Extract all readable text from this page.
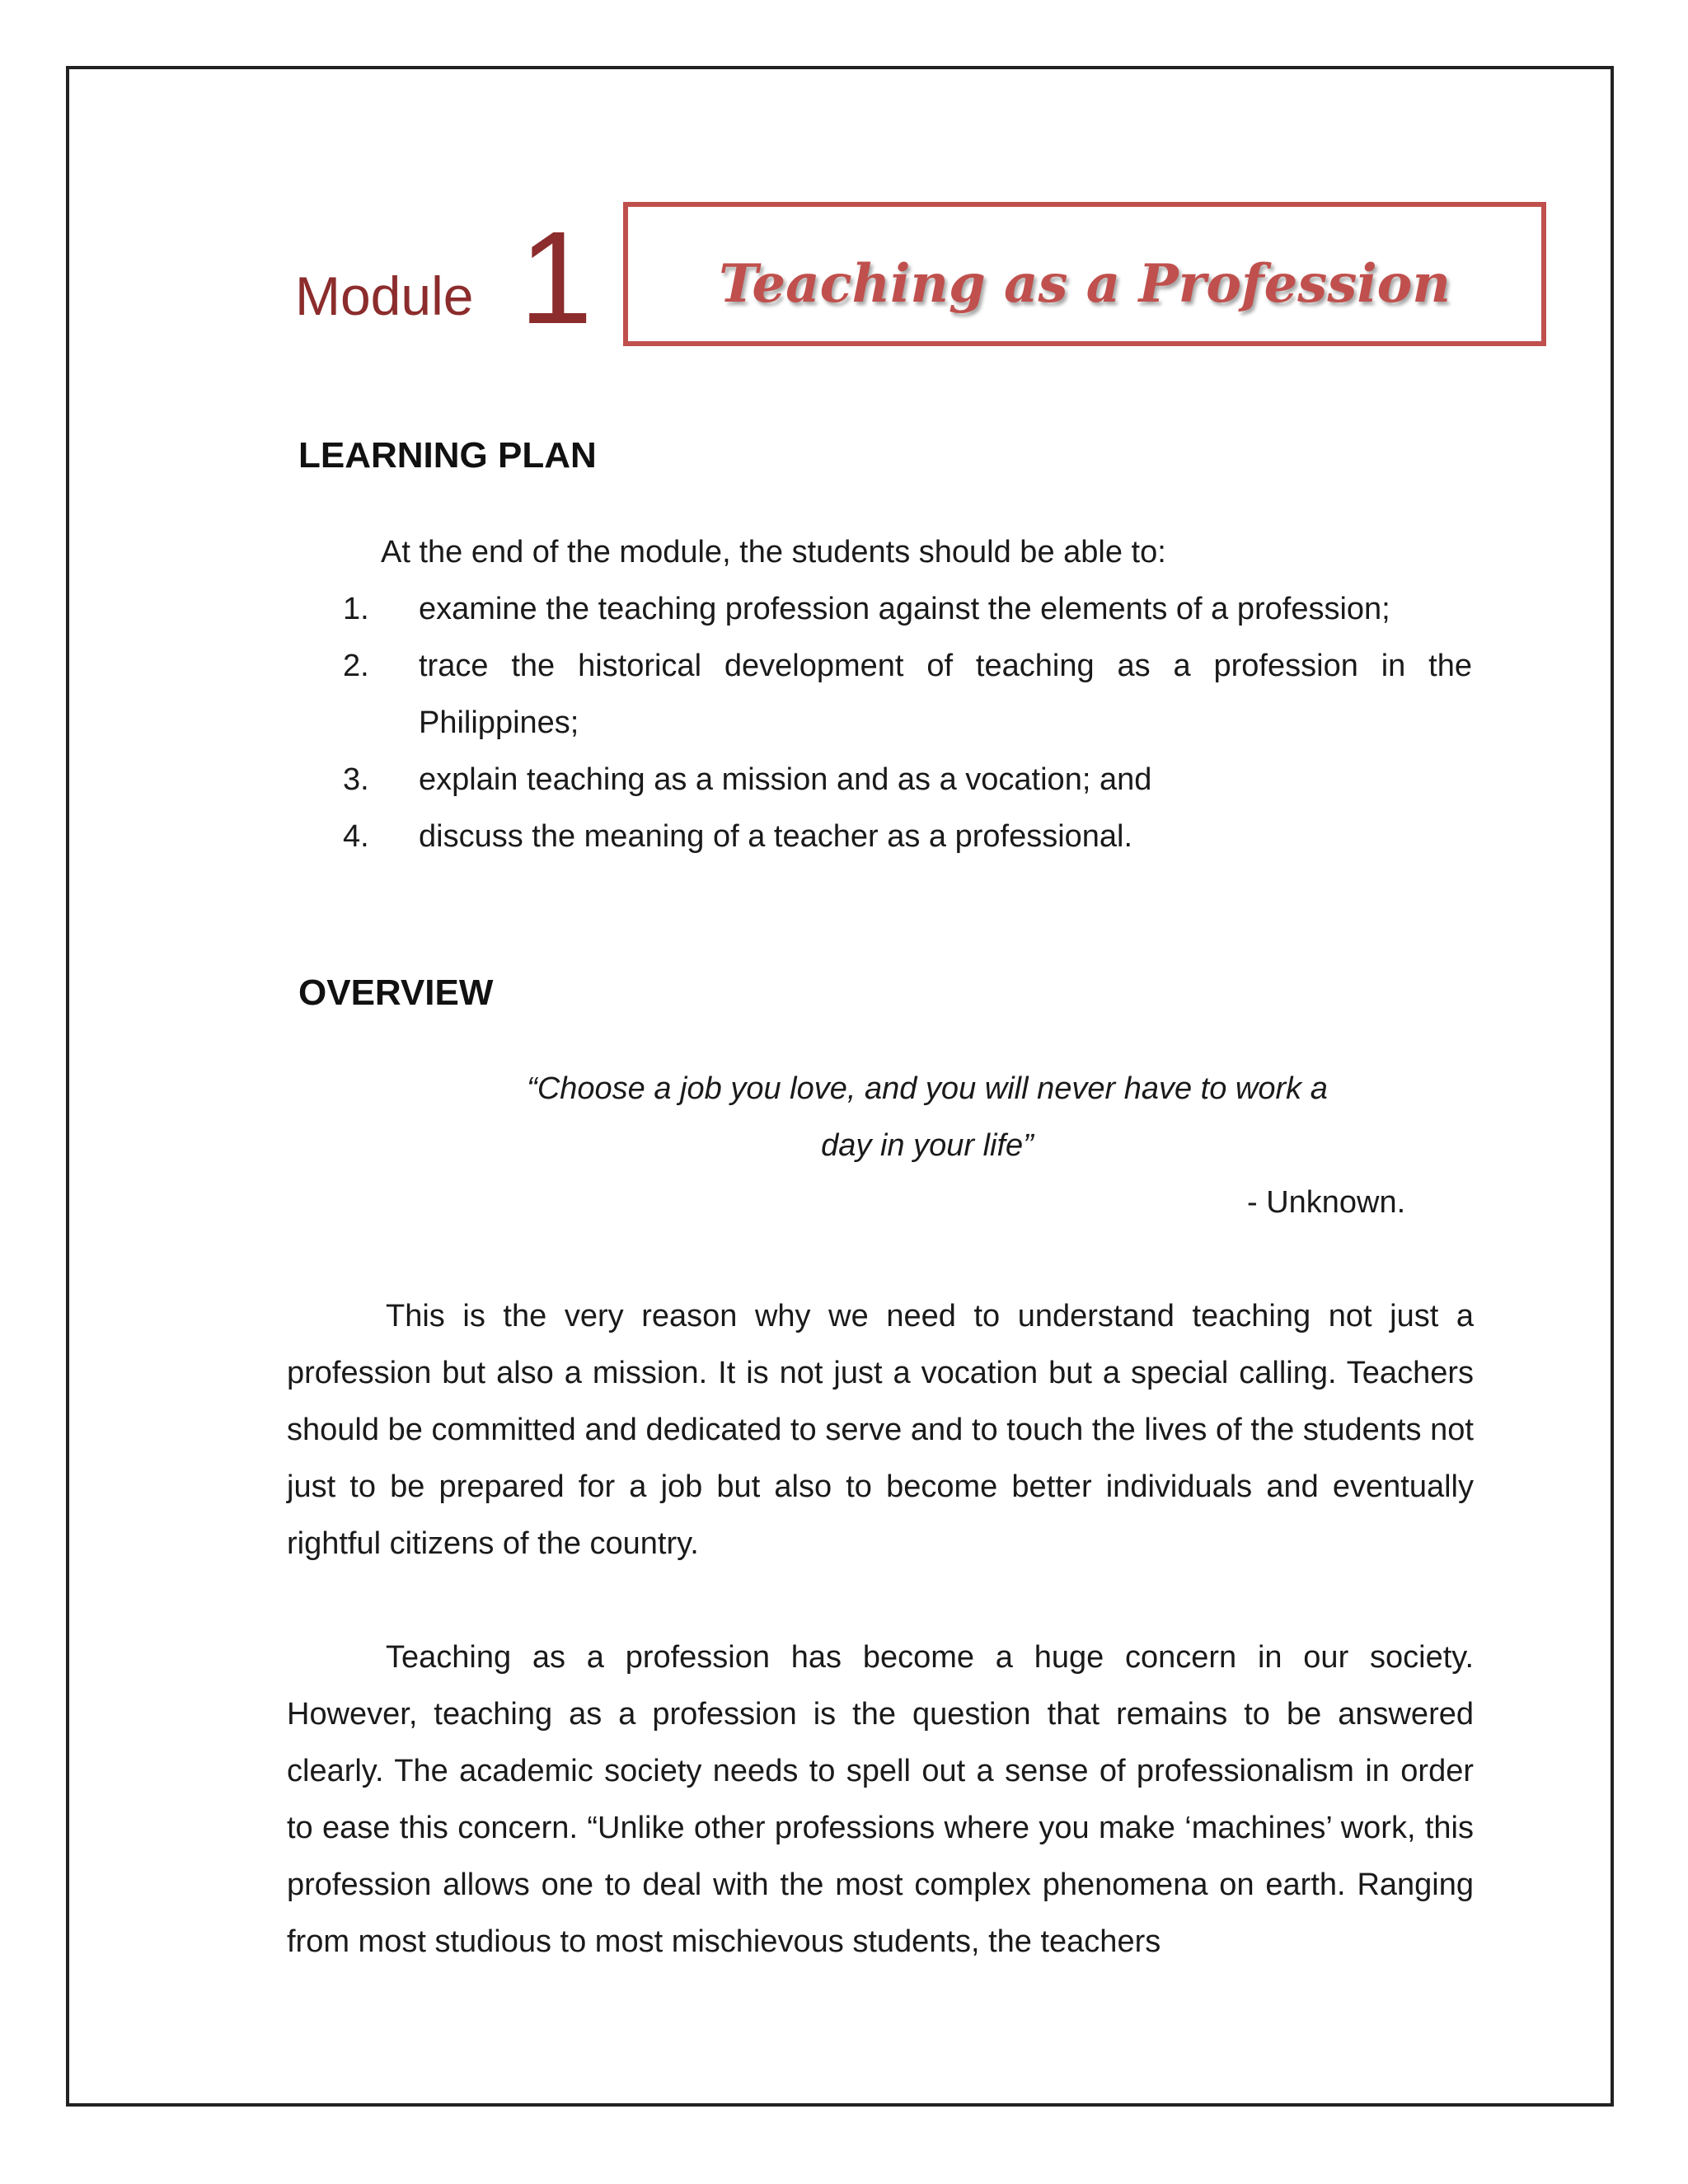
Module 1 Teaching as a Profession
LEARNING PLAN
At the end of the module, the students should be able to:
1. examine the teaching profession against the elements of a profession;
2. trace the historical development of teaching as a profession in the Philippines;
3. explain teaching as a mission and as a vocation; and
4. discuss the meaning of a teacher as a professional.
OVERVIEW
“Choose a job you love, and you will never have to work a
day in your life”
- Unknown.

This is the very reason why we need to understand teaching not just a profession but also a mission. It is not just a vocation but a special calling. Teachers should be committed and dedicated to serve and to touch the lives of the students not just to be prepared for a job but also to become better individuals and eventually rightful citizens of the country.

Teaching as a profession has become a huge concern in our society. However, teaching as a profession is the question that remains to be answered clearly. The academic society needs to spell out a sense of professionalism in order to ease this concern. “Unlike other professions where you make ‘machines’ work, this profession allows one to deal with the most complex phenomena on earth. Ranging from most studious to most mischievous students, the teachers
